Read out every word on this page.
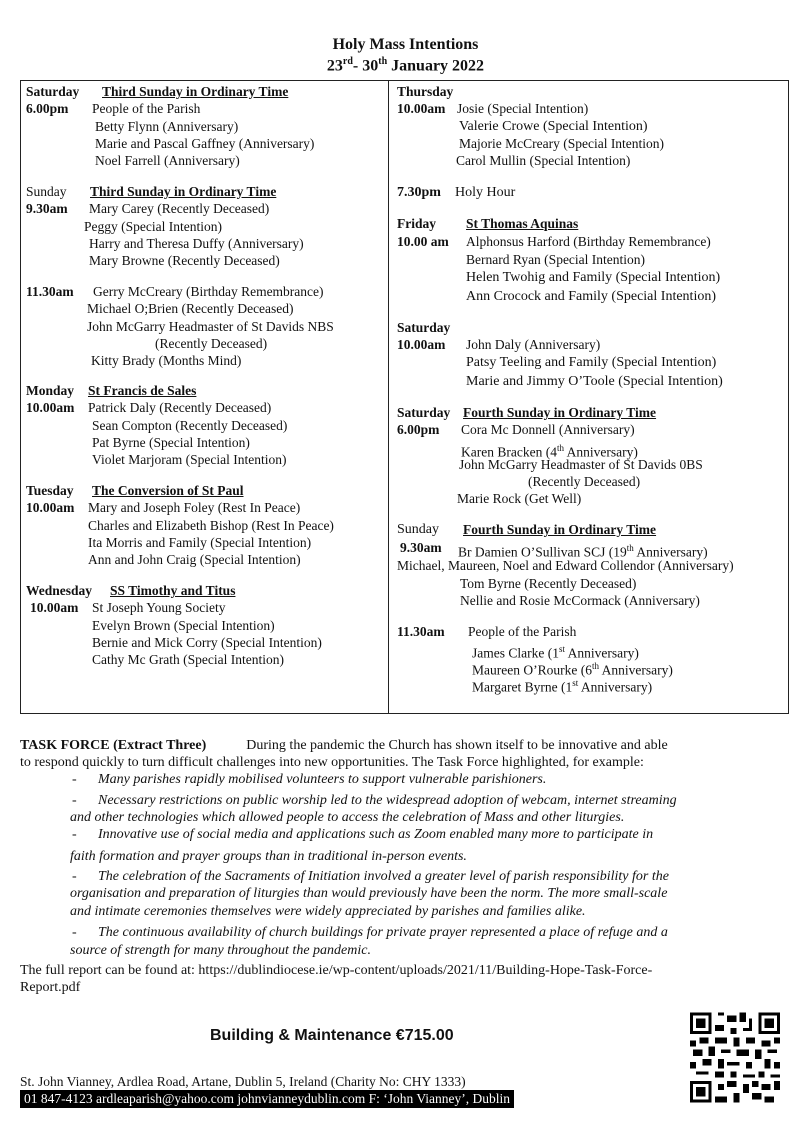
Holy Mass Intentions
23rd- 30th January 2022
Saturday Third Sunday in Ordinary Time
6.00pm People of the Parish
Betty Flynn (Anniversary)
Marie and Pascal Gaffney (Anniversary)
Noel Farrell (Anniversary)
Sunday Third Sunday in Ordinary Time
9.30am Mary Carey (Recently Deceased)
Peggy (Special Intention)
Harry and Theresa Duffy (Anniversary)
Mary Browne (Recently Deceased)
11.30am Gerry McCreary (Birthday Remembrance)
Michael O;Brien (Recently Deceased)
John McGarry Headmaster of St Davids NBS
(Recently Deceased)
Kitty Brady (Months Mind)
Monday St Francis de Sales
10.00am Patrick Daly (Recently Deceased)
Sean Compton (Recently Deceased)
Pat Byrne (Special Intention)
Violet Marjoram (Special Intention)
Tuesday The Conversion of St Paul
10.00am Mary and Joseph Foley (Rest In Peace)
Charles and Elizabeth Bishop (Rest In Peace)
Ita Morris and Family (Special Intention)
Ann and John Craig (Special Intention)
Wednesday SS Timothy and Titus
10.00am St Joseph Young Society
Evelyn Brown (Special Intention)
Bernie and Mick Corry (Special Intention)
Cathy Mc Grath (Special Intention)
Thursday
10.00am Josie (Special Intention)
Valerie Crowe (Special Intention)
Majorie McCreary (Special Intention)
Carol Mullin (Special Intention)
7.30pm Holy Hour
Friday St Thomas Aquinas
10.00 am Alphonsus Harford (Birthday Remembrance)
Bernard Ryan (Special Intention)
Helen Twohig and Family (Special Intention)
Ann Crocock and Family (Special Intention)
Saturday
10.00am John Daly (Anniversary)
Patsy Teeling and Family (Special Intention)
Marie and Jimmy O’Toole (Special Intention)
Saturday Fourth Sunday in Ordinary Time
6.00pm Cora Mc Donnell (Anniversary)
Karen Bracken (4th Anniversary)
John McGarry Headmaster of St Davids 0BS
(Recently Deceased)
Marie Rock (Get Well)
Sunday Fourth Sunday in Ordinary Time
9.30am Br Damien O’Sullivan SCJ (19th Anniversary)
Michael, Maureen, Noel and Edward Collendor (Anniversary)
Tom Byrne (Recently Deceased)
Nellie and Rosie McCormack (Anniversary)
11.30am People of the Parish
James Clarke (1st Anniversary)
Maureen O’Rourke (6th Anniversary)
Margaret Byrne (1st Anniversary)
TASK FORCE (Extract Three)	During the pandemic the Church has shown itself to be innovative and able
to respond quickly to turn difficult challenges into new opportunities. The Task Force highlighted, for example:
- Many parishes rapidly mobilised volunteers to support vulnerable parishioners.
- Necessary restrictions on public worship led to the widespread adoption of webcam, internet streaming
and other technologies which allowed people to access the celebration of Mass and other liturgies.
- Innovative use of social media and applications such as Zoom enabled many more to participate in
faith formation and prayer groups than in traditional in-person events.
- The celebration of the Sacraments of Initiation involved a greater level of parish responsibility for the
organisation and preparation of liturgies than would previously have been the norm. The more small-scale
and intimate ceremonies themselves were widely appreciated by parishes and families alike.
- The continuous availability of church buildings for private prayer represented a place of refuge and a
source of strength for many throughout the pandemic.
The full report can be found at: https://dublindiocese.ie/wp-content/uploads/2021/11/Building-Hope-Task-Force-
Report.pdf
Building & Maintenance €715.00
St. John Vianney, Ardlea Road, Artane, Dublin 5, Ireland (Charity No: CHY 1333)
01 847-4123 ardleaparish@yahoo.com johnvianneydublin.com F: ‘John Vianney’, Dublin
